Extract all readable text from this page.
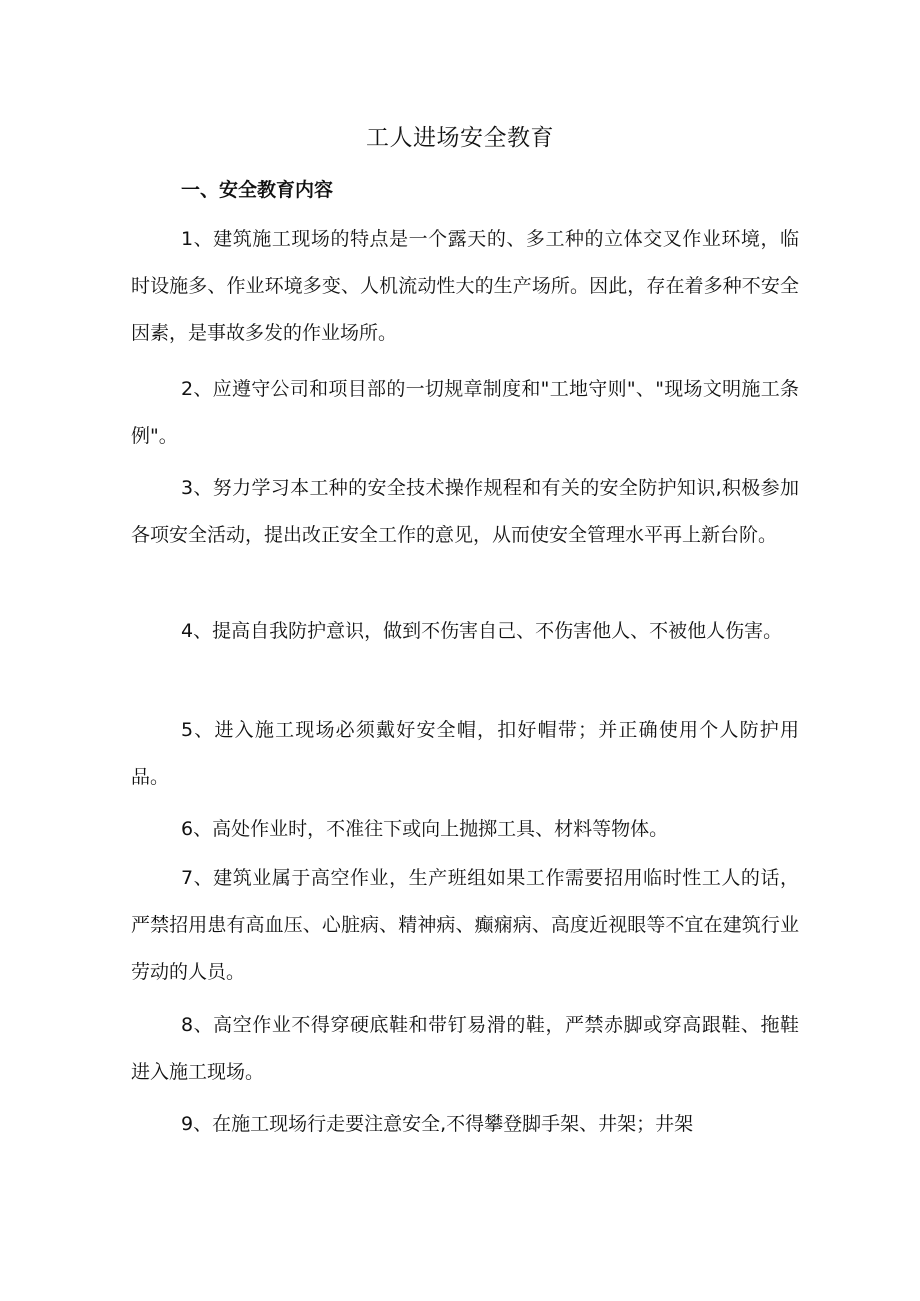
工人进场安全教育
一、安全教育内容

1、建筑施工现场的特点是一个露天的、多工种的立体交叉作业环境，临时设施多、作业环境多变、人机流动性大的生产场所。因此，存在着多种不安全因素，是事故多发的作业场所。

2、应遵守公司和项目部的一切规章制度和"工地守则"、"现场文明施工条例"。

3、努力学习本工种的安全技术操作规程和有关的安全防护知识,积极参加各项安全活动，提出改正安全工作的意见，从而使安全管理水平再上新台阶。

4、提高自我防护意识，做到不伤害自己、不伤害他人、不被他人伤害。

5、进入施工现场必须戴好安全帽，扣好帽带；并正确使用个人防护用品。

6、高处作业时，不准往下或向上抛掷工具、材料等物体。

7、建筑业属于高空作业，生产班组如果工作需要招用临时性工人的话，严禁招用患有高血压、心脏病、精神病、癫痫病、高度近视眼等不宜在建筑行业劳动的人员。

8、高空作业不得穿硬底鞋和带钉易滑的鞋，严禁赤脚或穿高跟鞋、拖鞋进入施工现场。

9、在施工现场行走要注意安全,不得攀登脚手架、井架；井架
